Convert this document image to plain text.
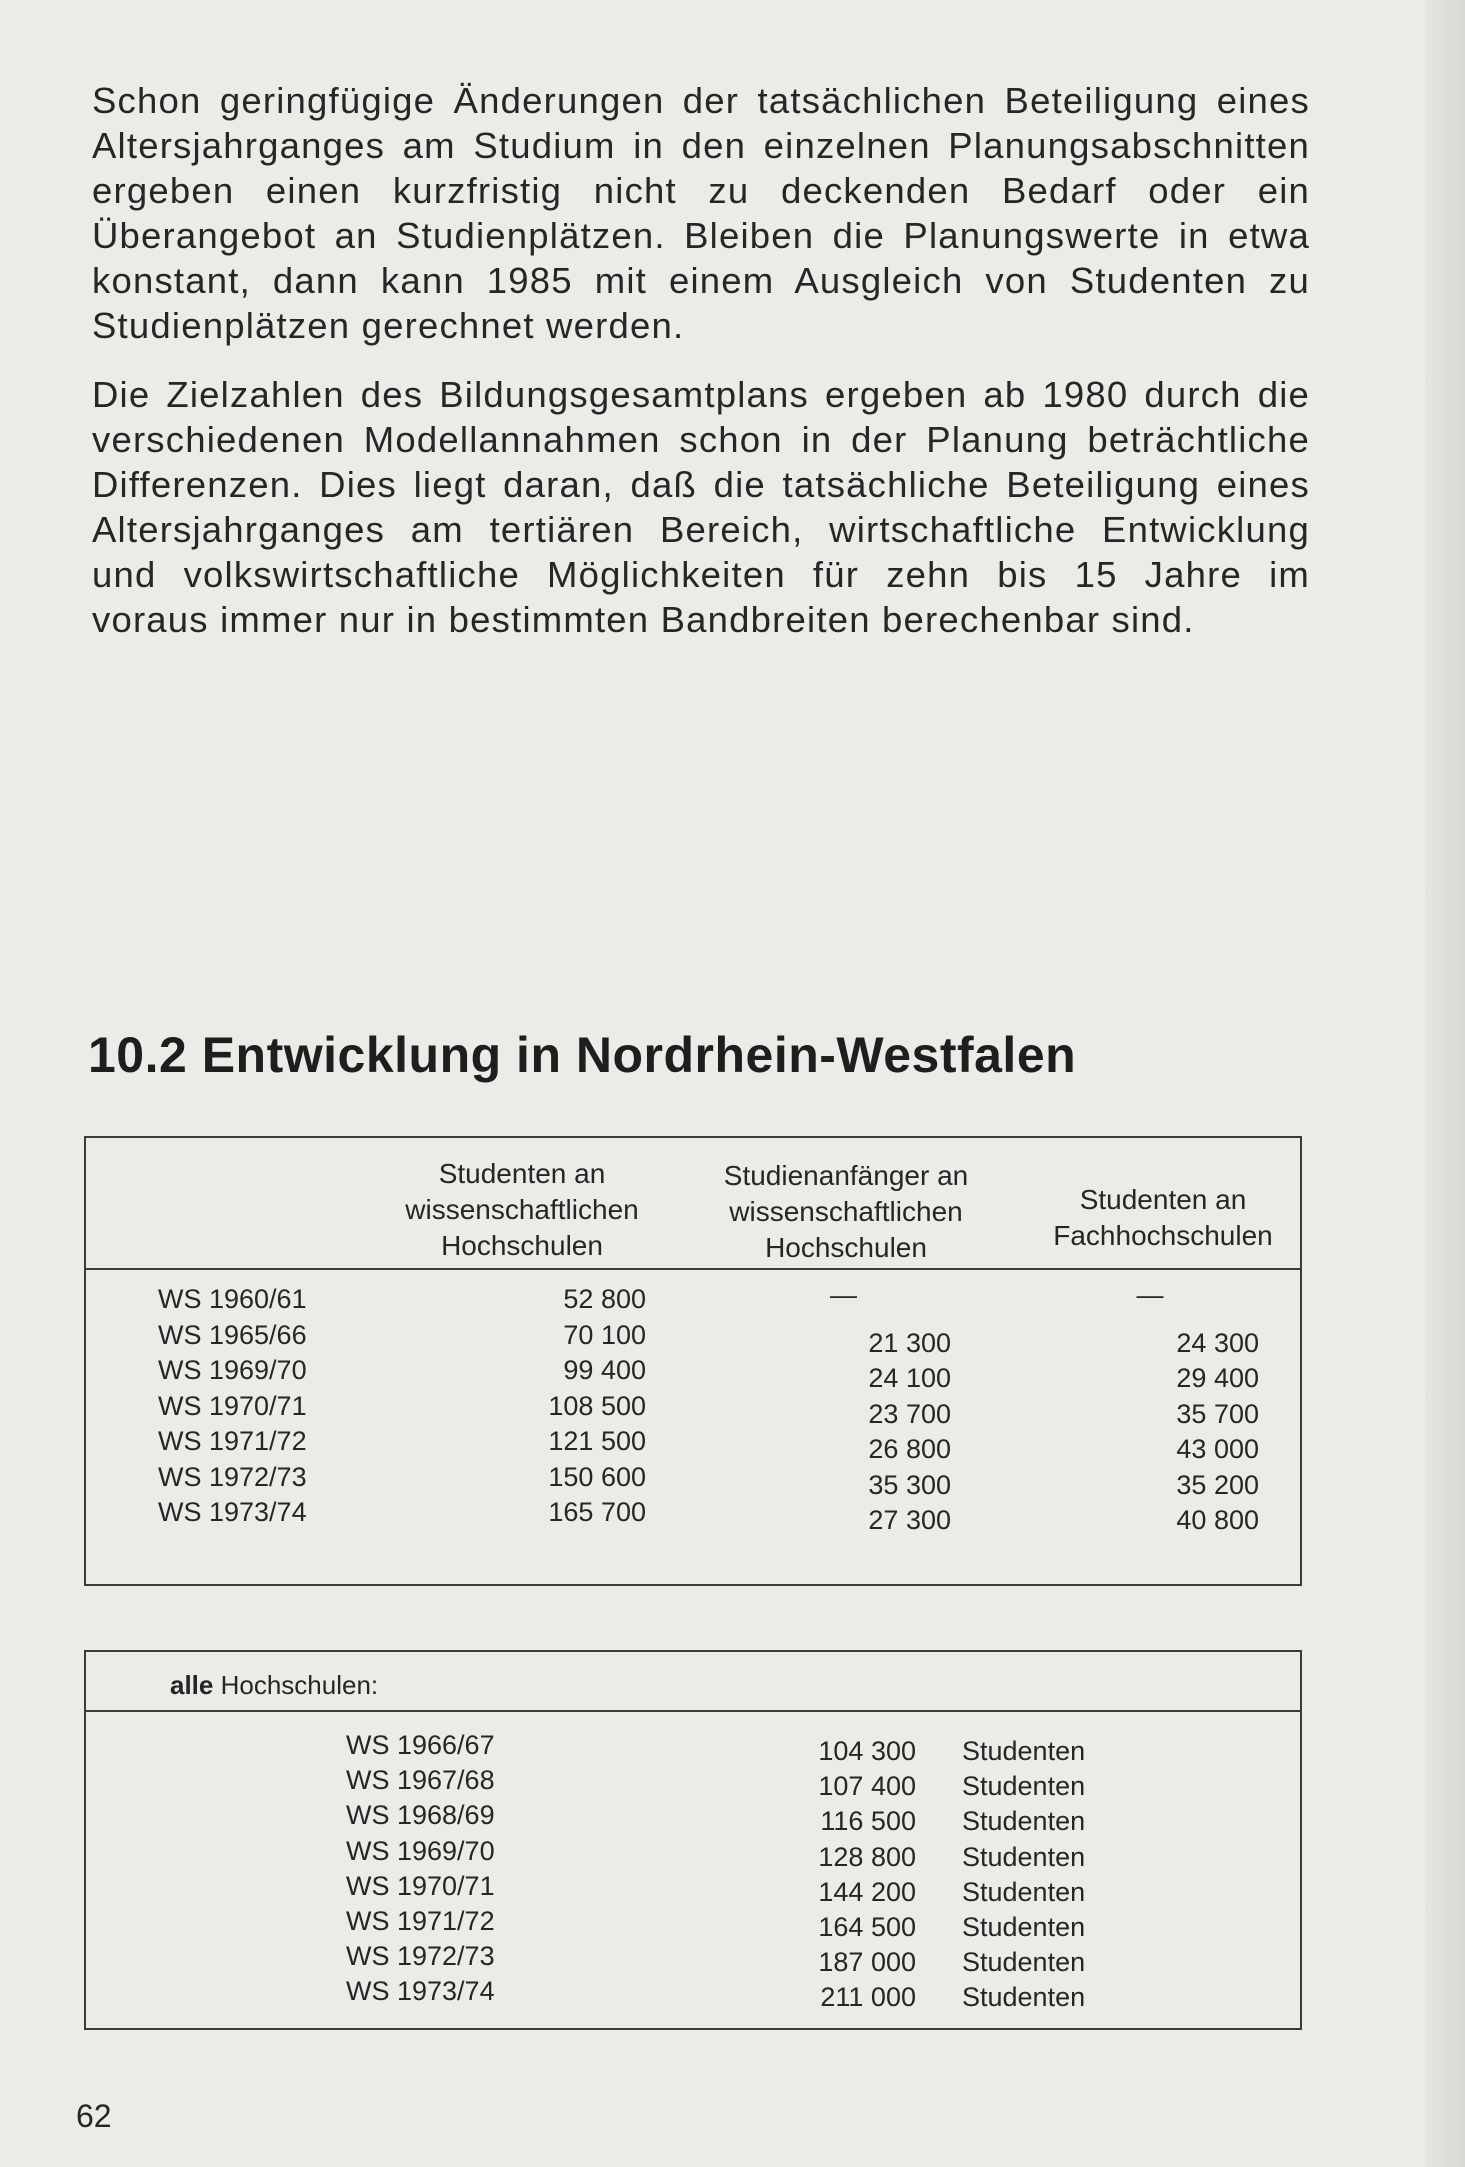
Schon geringfügige Änderungen der tatsächlichen Beteiligung eines Altersjahrganges am Studium in den einzelnen Planungsabschnitten ergeben einen kurzfristig nicht zu deckenden Bedarf oder ein Überangebot an Studienplätzen. Bleiben die Planungswerte in etwa konstant, dann kann 1985 mit einem Ausgleich von Studenten zu Studienplätzen gerechnet werden.

Die Zielzahlen des Bildungsgesamtplans ergeben ab 1980 durch die verschiedenen Modellannahmen schon in der Planung beträchtliche Differenzen. Dies liegt daran, daß die tatsächliche Beteiligung eines Altersjahrganges am tertiären Bereich, wirtschaftliche Entwicklung und volkswirtschaftliche Möglichkeiten für zehn bis 15 Jahre im voraus immer nur in bestimmten Bandbreiten berechenbar sind.

10.2 Entwicklung in Nordrhein-Westfalen
Studenten an wissenschaftlichen Hochschulen
Studienanfänger an wissenschaftlichen Hochschulen
Studenten an Fachhochschulen
WS 1960/61	52 800	—	—
WS 1965/66	70 100	21 300	24 300
WS 1969/70	99 400	24 100	29 400
WS 1970/71	108 500	23 700	35 700
WS 1971/72	121 500	26 800	43 000
WS 1972/73	150 600	35 300	35 200
WS 1973/74	165 700	27 300	40 800
alle Hochschulen:
WS 1966/67	104 300 Studenten
WS 1967/68	107 400 Studenten
WS 1968/69	116 500 Studenten
WS 1969/70	128 800 Studenten
WS 1970/71	144 200 Studenten
WS 1971/72	164 500 Studenten
WS 1972/73	187 000 Studenten
WS 1973/74	211 000 Studenten
62
